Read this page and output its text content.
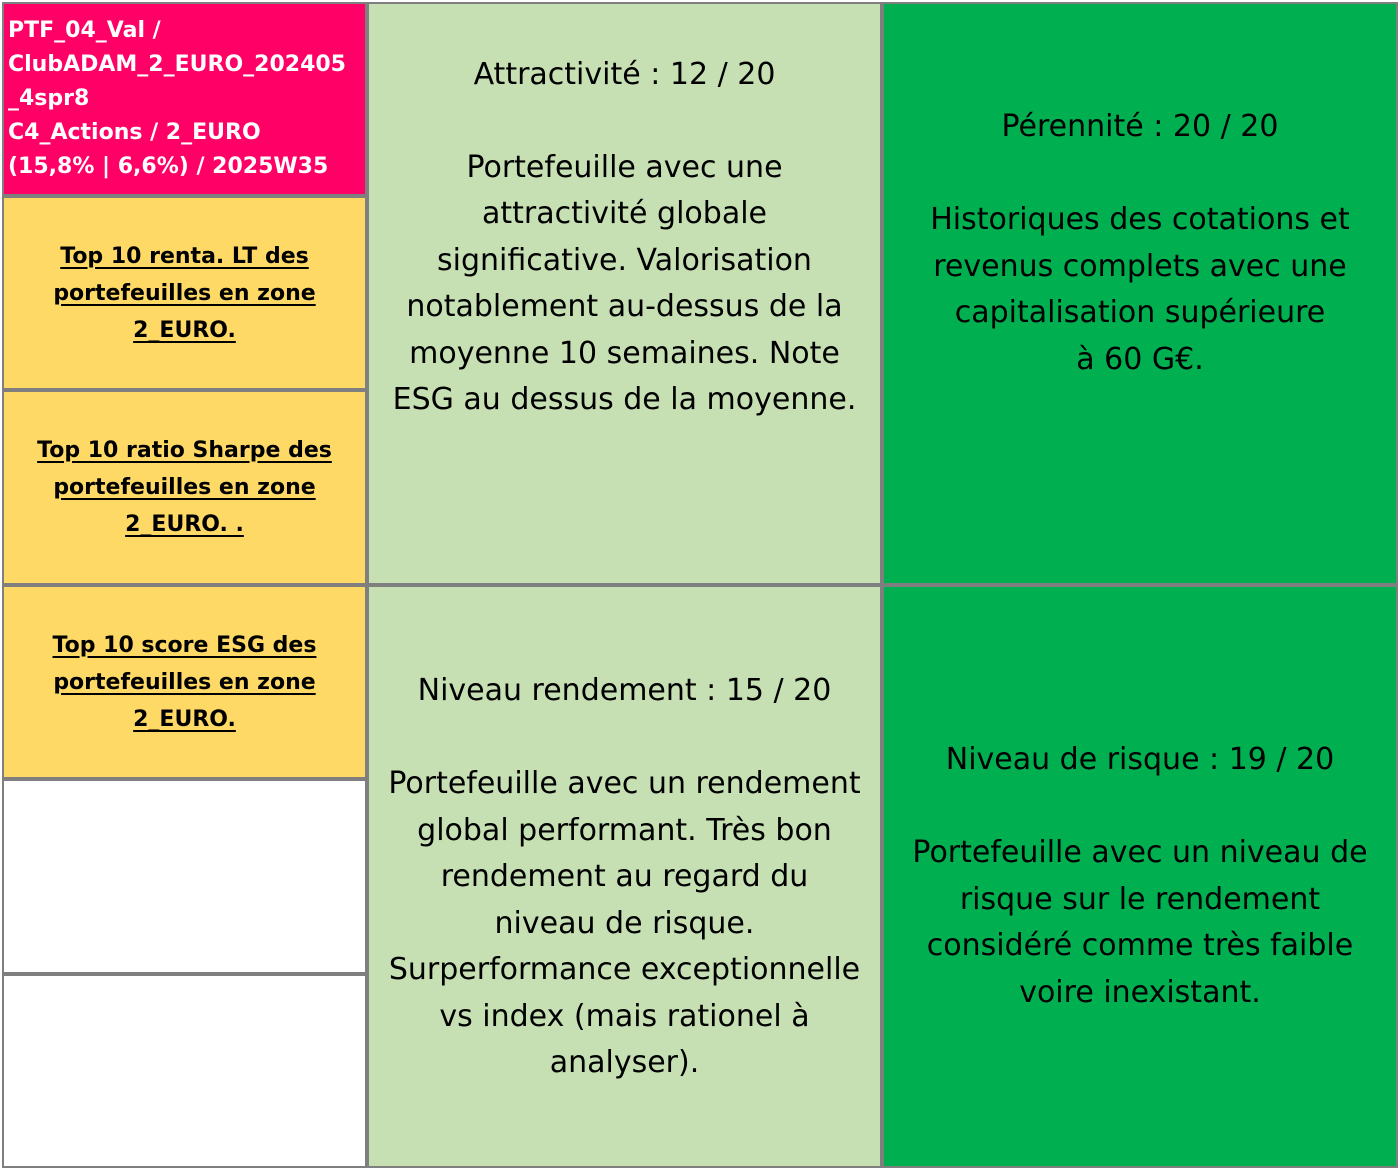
PTF_04_Val /
ClubADAM_2_EURO_202405
_4spr8
C4_Actions / 2_EURO
(15,8% | 6,6%) / 2025W35
Top 10 renta. LT des
portefeuilles en zone
2_EURO.
Top 10 ratio Sharpe des
portefeuilles en zone
2_EURO. .
Top 10 score ESG des
portefeuilles en zone
2_EURO.
Attractivité : 12 / 20
Portefeuille avec une
attractivité globale
significative. Valorisation
notablement au-dessus de la
moyenne 10 semaines. Note
ESG au dessus de la moyenne.
Pérennité : 20 / 20
Historiques des cotations et
revenus complets avec une
capitalisation supérieure
à 60 G€.
Niveau rendement : 15 / 20
Portefeuille avec un rendement
global performant. Très bon
rendement au regard du
niveau de risque.
Surperformance exceptionnelle
vs index (mais rationel à
analyser).
Niveau de risque : 19 / 20
Portefeuille avec un niveau de
risque sur le rendement
considéré comme très faible
voire inexistant.
